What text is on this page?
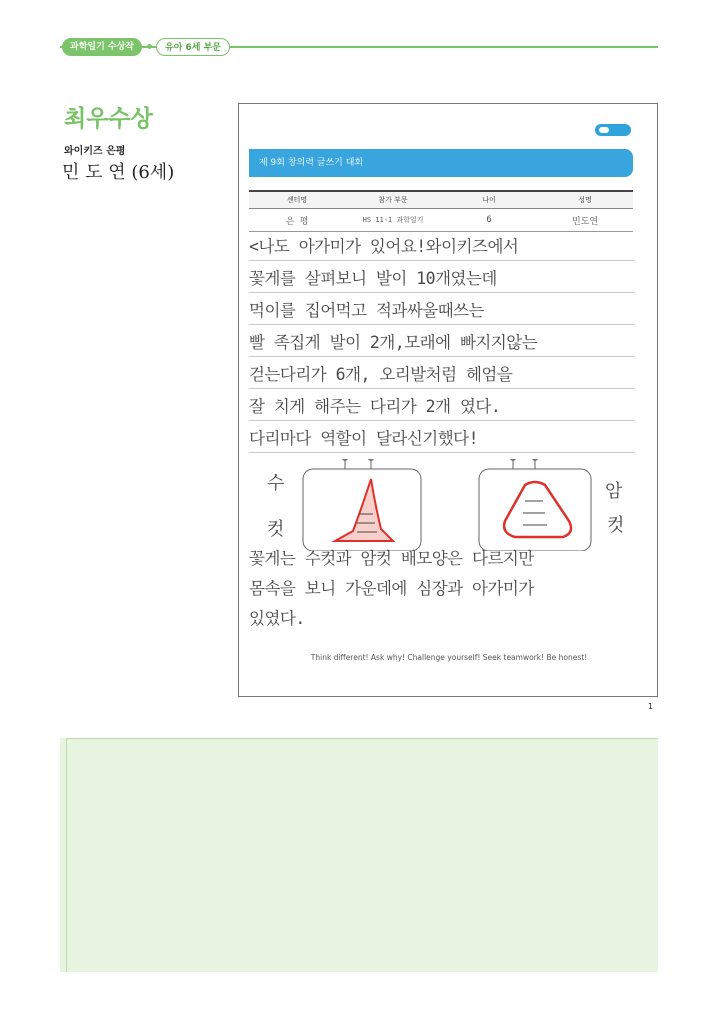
과학일기 수상작	유아 6세 부문
최우수상
와이키즈 은평
민 도 연 (6세)	제 9회 창의력 글쓰기 대회
센터명	참가 부문	나이	성명
은 평	HS 11-1 과학일기	6	민도연
<나도 아가미가 있어요!와이키즈에서
꽃게를 살펴보니 발이 10개였는데
먹이를 집어먹고 적과싸울때쓰는
빨 족집게 발이 2개,모래에 빠지지않는
걷는다리가 6개, 오리발처럼 헤엄을
잘 치게 해주는 다리가 2개 였다.
다리마다 역할이 달라신기했다!
수
컷
암
컷
꽃게는 수컷과 암컷 배모양은 다르지만
몸속을 보니 가운데에 심장과 아가미가
있였다.
Think different! Ask why! Challenge yourself! Seek teamwork! Be honest!
1
